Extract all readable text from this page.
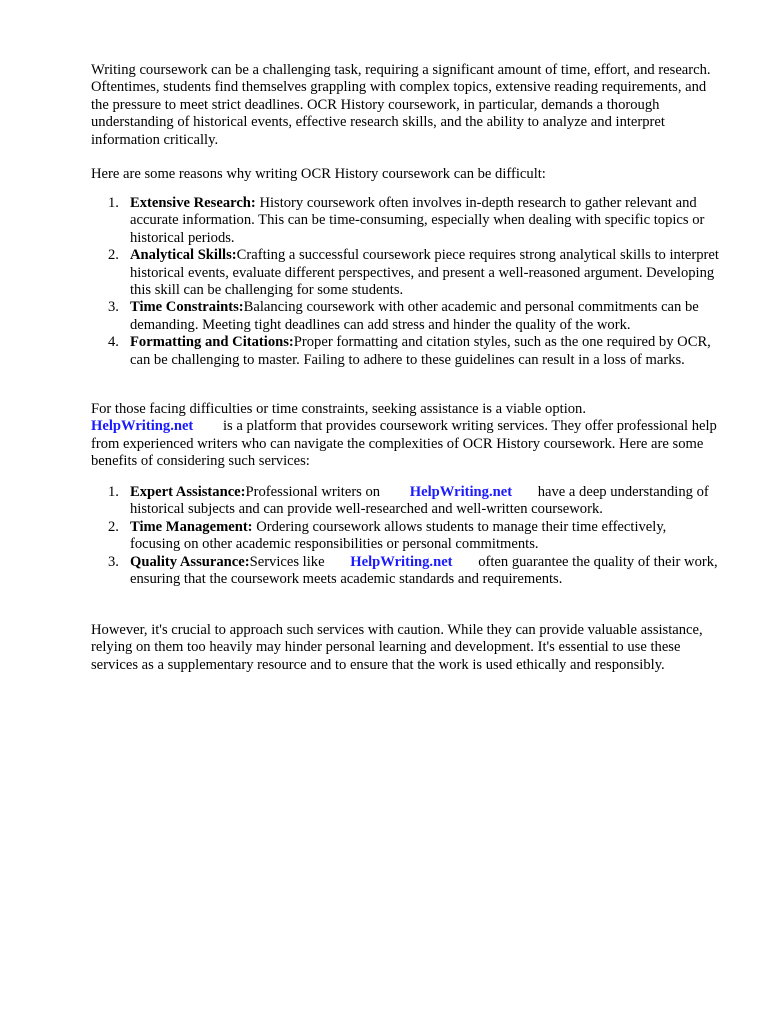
Writing coursework can be a challenging task, requiring a significant amount of time, effort, and research. Oftentimes, students find themselves grappling with complex topics, extensive reading requirements, and the pressure to meet strict deadlines. OCR History coursework, in particular, demands a thorough understanding of historical events, effective research skills, and the ability to analyze and interpret information critically.

Here are some reasons why writing OCR History coursework can be difficult:

1. Extensive Research: History coursework often involves in-depth research to gather relevant and accurate information. This can be time-consuming, especially when dealing with specific topics or historical periods.
2. Analytical Skills:Crafting a successful coursework piece requires strong analytical skills to interpret historical events, evaluate different perspectives, and present a well-reasoned argument. Developing this skill can be challenging for some students.
3. Time Constraints:Balancing coursework with other academic and personal commitments can be demanding. Meeting tight deadlines can add stress and hinder the quality of the work.
4. Formatting and Citations:Proper formatting and citation styles, such as the one required by OCR, can be challenging to master. Failing to adhere to these guidelines can result in a loss of marks.

For those facing difficulties or time constraints, seeking assistance is a viable option.
HelpWriting.net is a platform that provides coursework writing services. They offer professional help from experienced writers who can navigate the complexities of OCR History coursework. Here are some benefits of considering such services:

1. Expert Assistance:Professional writers on HelpWriting.net have a deep understanding of historical subjects and can provide well-researched and well-written coursework.
2. Time Management: Ordering coursework allows students to manage their time effectively, focusing on other academic responsibilities or personal commitments.
3. Quality Assurance:Services like HelpWriting.net often guarantee the quality of their work, ensuring that the coursework meets academic standards and requirements.

However, it's crucial to approach such services with caution. While they can provide valuable assistance, relying on them too heavily may hinder personal learning and development. It's essential to use these services as a supplementary resource and to ensure that the work is used ethically and responsibly.
